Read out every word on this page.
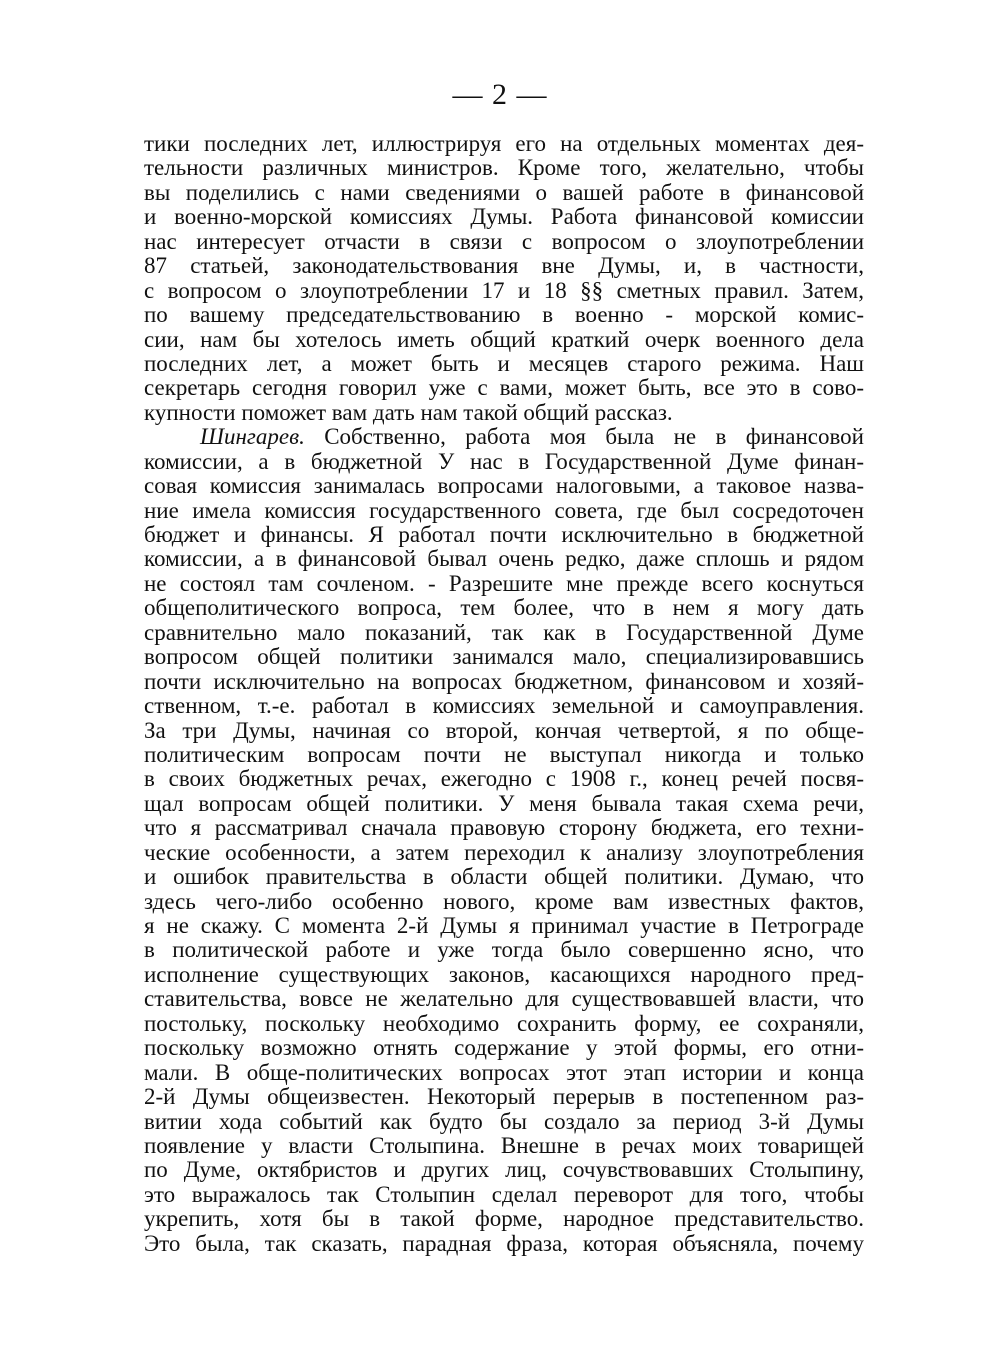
— 2 —
тики последних лет, иллюстрируя его на отдельных моментах дея-
тельности различных министров. Кроме того, желательно, чтобы
вы поделились с нами сведениями о вашей работе в финансовой
и военно-морской комиссиях Думы. Работа финансовой комиссии
нас интересует отчасти в связи с вопросом о злоупотреблении
87 статьей, законодательствования вне Думы, и, в частности,
с вопросом о злоупотреблении 17 и 18 §§ сметных правил. Затем,
по вашему председательствованию в военно - морской комис-
сии, нам бы хотелось иметь общий краткий очерк военного дела
последних лет, а может быть и месяцев старого режима. Наш
секретарь сегодня говорил уже с вами, может быть, все это в сово-
купности поможет вам дать нам такой общий рассказ.
Шингарев. Собственно, работа моя была не в финансовой
комиссии, а в бюджетной У нас в Государственной Думе финан-
совая комиссия занималась вопросами налоговыми, а таковое назва-
ние имела комиссия государственного совета, где был сосредоточен
бюджет и финансы. Я работал почти исключительно в бюджетной
комиссии, а в финансовой бывал очень редко, даже сплошь и рядом
не состоял там сочленом. - Разрешите мне прежде всего коснуться
общеполитического вопроса, тем более, что в нем я могу дать
сравнительно мало показаний, так как в Государственной Думе
вопросом общей политики занимался мало, специализировавшись
почти исключительно на вопросах бюджетном, финансовом и хозяй-
ственном, т.-е. работал в комиссиях земельной и самоуправления.
За три Думы, начиная со второй, кончая четвертой, я по обще-
политическим вопросам почти не выступал никогда и только
в своих бюджетных речах, ежегодно с 1908 г., конец речей посвя-
щал вопросам общей политики. У меня бывала такая схема речи,
что я рассматривал сначала правовую сторону бюджета, его техни-
ческие особенности, а затем переходил к анализу злоупотребления
и ошибок правительства в области общей политики. Думаю, что
здесь чего-либо особенно нового, кроме вам известных фактов,
я не скажу. С момента 2-й Думы я принимал участие в Петрограде
в политической работе и уже тогда было совершенно ясно, что
исполнение существующих законов, касающихся народного пред-
ставительства, вовсе не желательно для существовавшей власти, что
постольку, поскольку необходимо сохранить форму, ее сохраняли,
поскольку возможно отнять содержание у этой формы, его отни-
мали. В обще-политических вопросах этот этап истории и конца
2-й Думы общеизвестен. Некоторый перерыв в постепенном раз-
витии хода событий как будто бы создало за период 3-й Думы
появление у власти Столыпина. Внешне в речах моих товарищей
по Думе, октябристов и других лиц, сочувствовавших Столыпину,
это выражалось так Столыпин сделал переворот для того, чтобы
укрепить, хотя бы в такой форме, народное представительство.
Это была, так сказать, парадная фраза, которая объясняла, почему
